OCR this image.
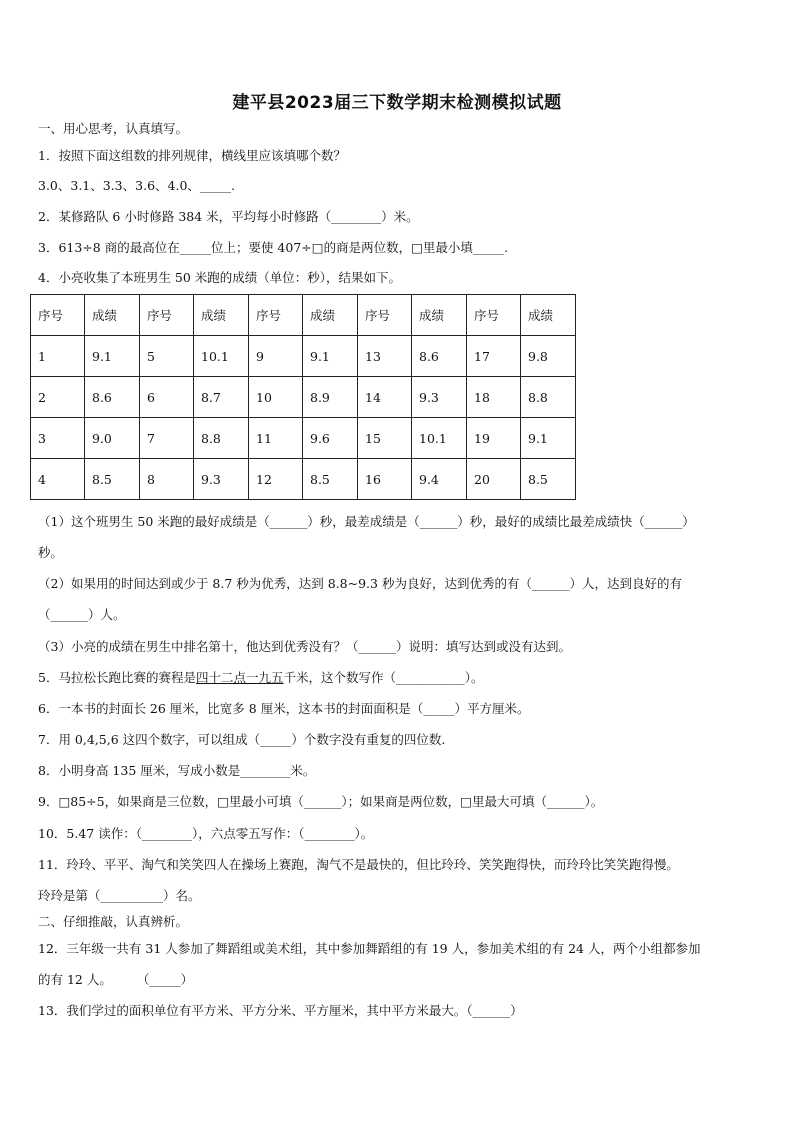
建平县2023届三下数学期末检测模拟试题
一、用心思考，认真填写。
1．按照下面这组数的排列规律，横线里应该填哪个数？
3.0、3.1、3.3、3.6、4.0、_____.
2．某修路队 6 小时修路 384 米，平均每小时修路（________）米。
3．613÷8 商的最高位在_____位上；要使 407÷□的商是两位数，□里最小填_____.
4．小亮收集了本班男生 50 米跑的成绩（单位：秒），结果如下。
序号	成绩	序号	成绩	序号	成绩	序号	成绩	序号	成绩
1	9.1	5	10.1	9	9.1	13	8.6	17	9.8
2	8.6	6	8.7	10	8.9	14	9.3	18	8.8
3	9.0	7	8.8	11	9.6	15	10.1	19	9.1
4	8.5	8	9.3	12	8.5	16	9.4	20	8.5
（1）这个班男生 50 米跑的最好成绩是（______）秒，最差成绩是（______）秒，最好的成绩比最差成绩快（______）
秒。
（2）如果用的时间达到或少于 8.7 秒为优秀，达到 8.8~9.3 秒为良好，达到优秀的有（______）人，达到良好的有
（______）人。
（3）小亮的成绩在男生中排名第十，他达到优秀没有？（______）说明：填写达到或没有达到。
5．马拉松长跑比赛的赛程是四十二点一九五千米，这个数写作（___________）。
6．一本书的封面长 26 厘米，比宽多 8 厘米，这本书的封面面积是（_____）平方厘米。
7．用 0,4,5,6 这四个数字，可以组成（_____）个数字没有重复的四位数.
8．小明身高 135 厘米，写成小数是________米。
9．□85÷5，如果商是三位数，□里最小可填（______）；如果商是两位数，□里最大可填（______）。
10．5.47 读作：（________），六点零五写作：（________）。
11．玲玲、平平、淘气和笑笑四人在操场上赛跑，淘气不是最快的，但比玲玲、笑笑跑得快，而玲玲比笑笑跑得慢。
玲玲是第（__________）名。
二、仔细推敲，认真辨析。
12．三年级一共有 31 人参加了舞蹈组或美术组，其中参加舞蹈组的有 19 人，参加美术组的有 24 人，两个小组都参加
的有 12 人。　　　（_____）
13．我们学过的面积单位有平方米、平方分米、平方厘米，其中平方米最大。（______）
